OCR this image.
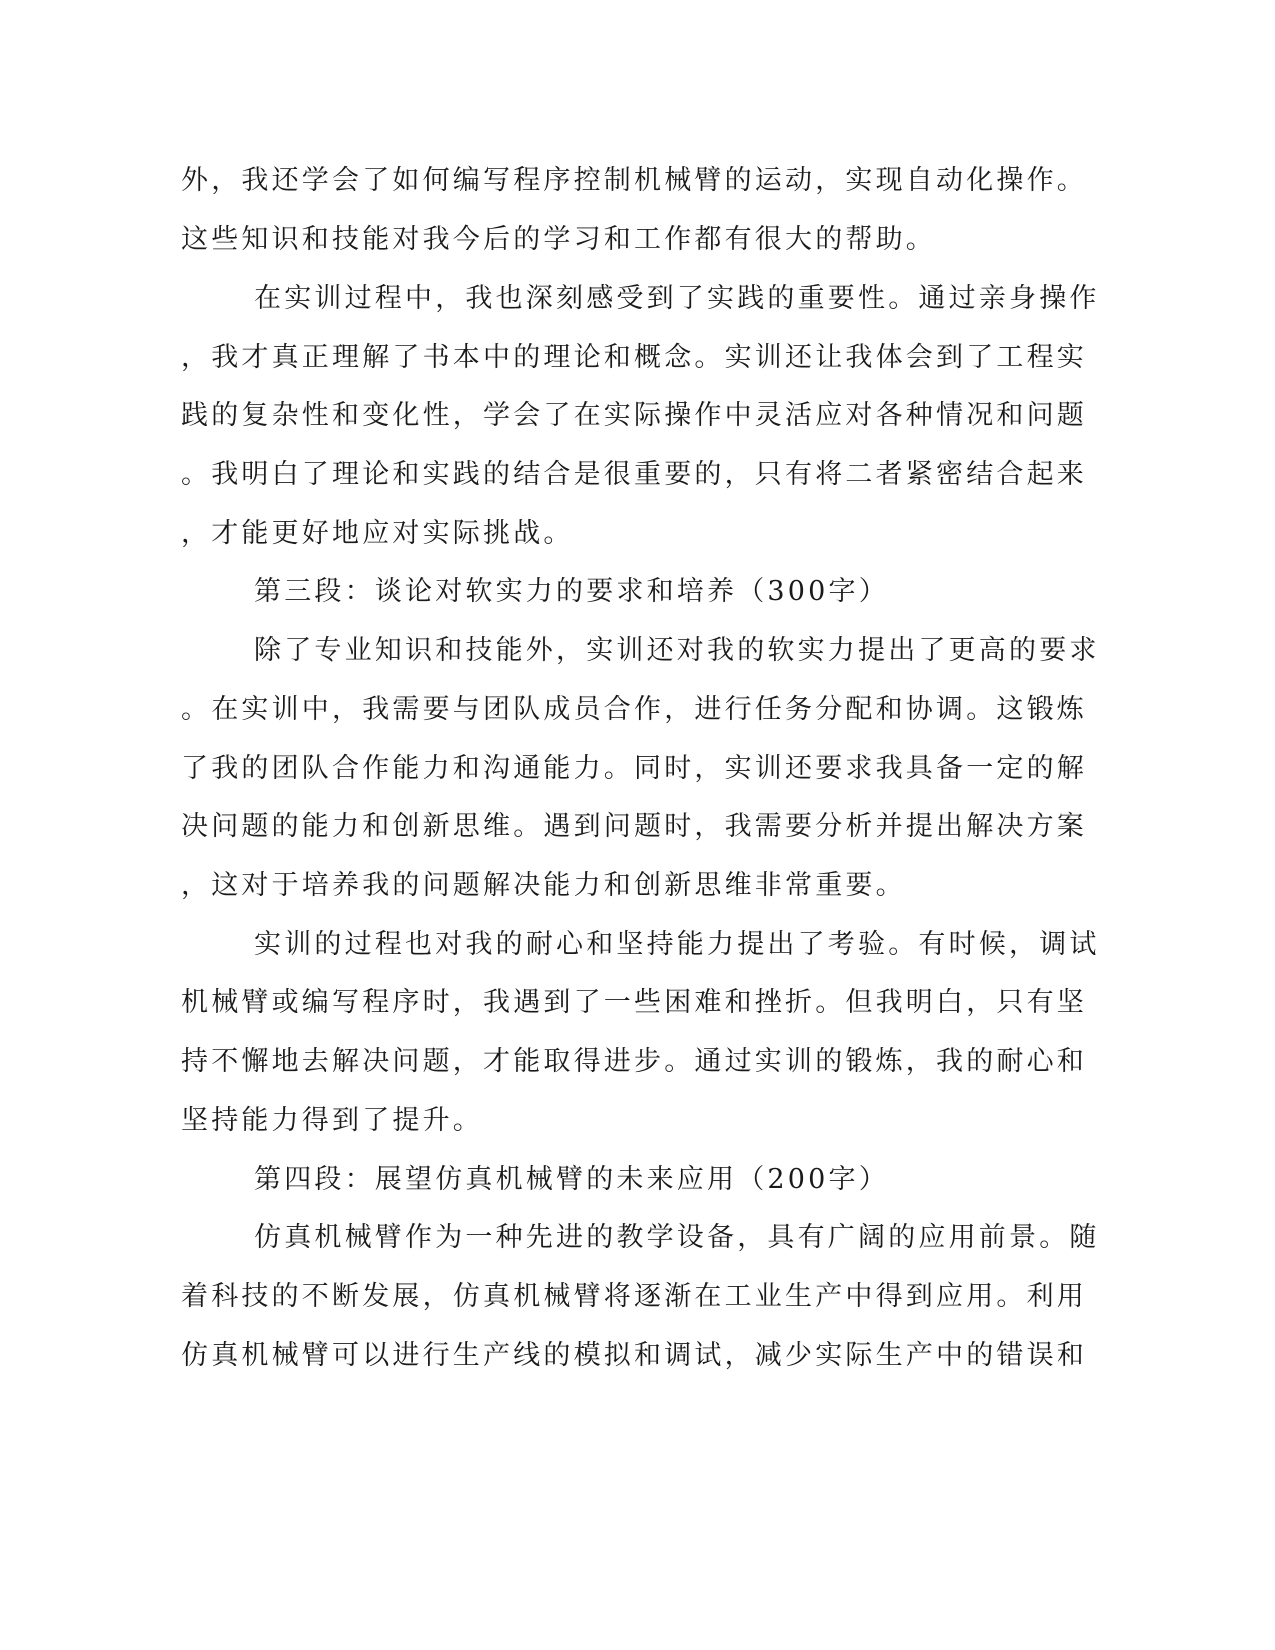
外，我还学会了如何编写程序控制机械臂的运动，实现自动化操作。
这些知识和技能对我今后的学习和工作都有很大的帮助。
在实训过程中，我也深刻感受到了实践的重要性。通过亲身操作
，我才真正理解了书本中的理论和概念。实训还让我体会到了工程实
践的复杂性和变化性，学会了在实际操作中灵活应对各种情况和问题
。我明白了理论和实践的结合是很重要的，只有将二者紧密结合起来
，才能更好地应对实际挑战。
第三段：谈论对软实力的要求和培养（300字）
除了专业知识和技能外，实训还对我的软实力提出了更高的要求
。在实训中，我需要与团队成员合作，进行任务分配和协调。这锻炼
了我的团队合作能力和沟通能力。同时，实训还要求我具备一定的解
决问题的能力和创新思维。遇到问题时，我需要分析并提出解决方案
，这对于培养我的问题解决能力和创新思维非常重要。
实训的过程也对我的耐心和坚持能力提出了考验。有时候，调试
机械臂或编写程序时，我遇到了一些困难和挫折。但我明白，只有坚
持不懈地去解决问题，才能取得进步。通过实训的锻炼，我的耐心和
坚持能力得到了提升。
第四段：展望仿真机械臂的未来应用（200字）
仿真机械臂作为一种先进的教学设备，具有广阔的应用前景。随
着科技的不断发展，仿真机械臂将逐渐在工业生产中得到应用。利用
仿真机械臂可以进行生产线的模拟和调试，减少实际生产中的错误和
